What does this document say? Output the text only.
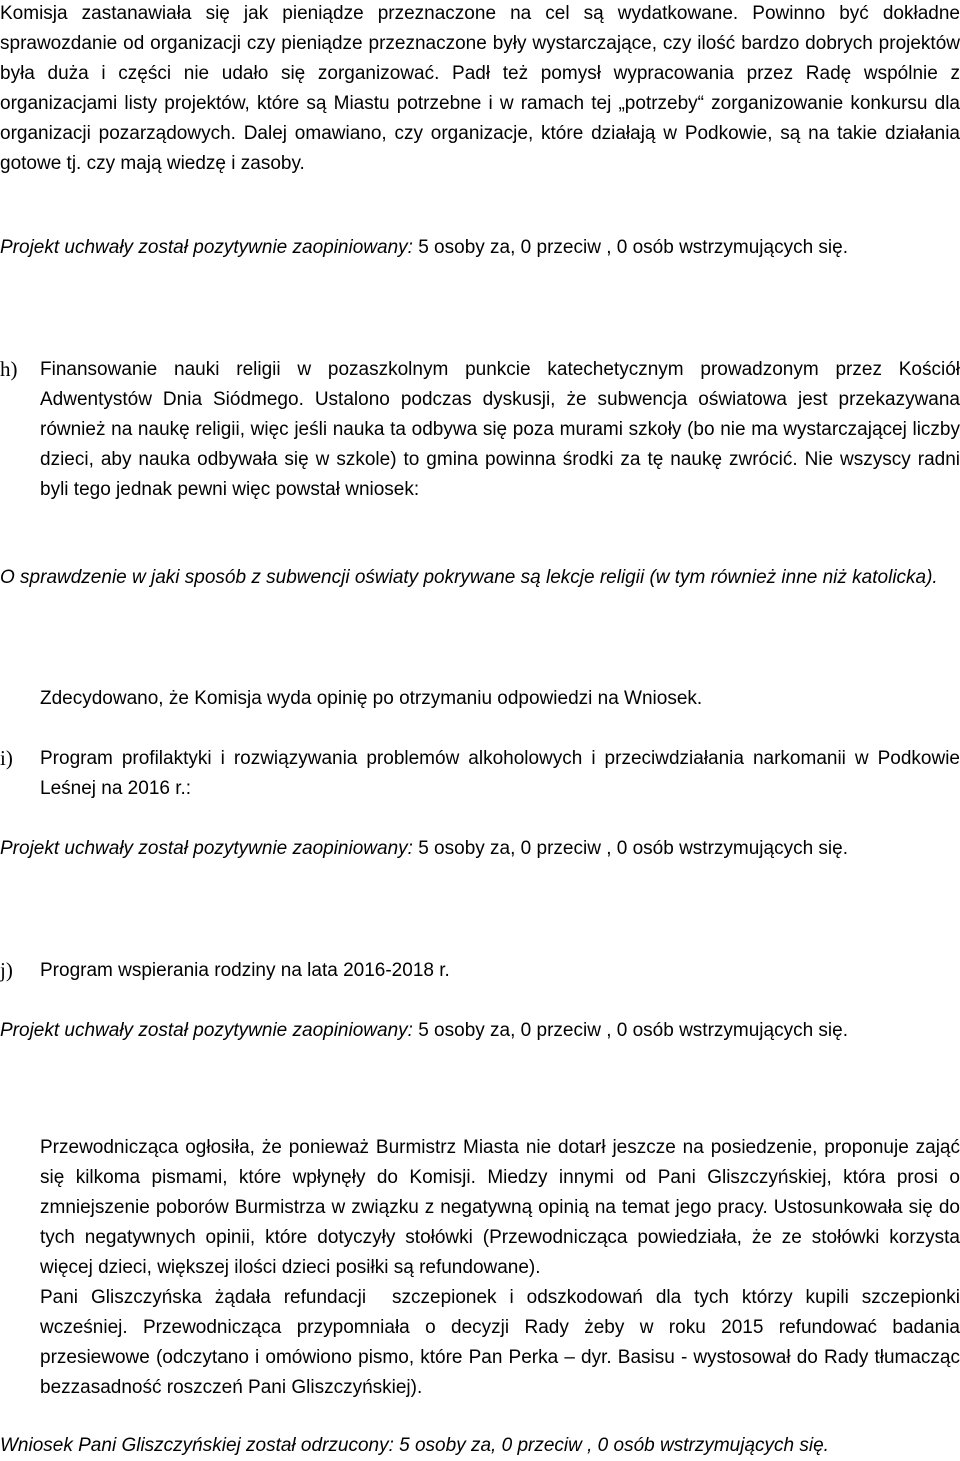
Komisja zastanawiała się jak pieniądze przeznaczone na cel są wydatkowane. Powinno być dokładne sprawozdanie od organizacji czy pieniądze przeznaczone były wystarczające, czy ilość bardzo dobrych projektów była duża i części nie udało się zorganizować. Padł też pomysł wypracowania przez Radę wspólnie z organizacjami listy projektów, które są Miastu potrzebne i w ramach tej „potrzeby“ zorganizowanie konkursu dla organizacji pozarządowych. Dalej omawiano, czy organizacje, które działają w Podkowie, są na takie działania gotowe tj. czy mają wiedzę i zasoby.

Projekt uchwały został pozytywnie zaopiniowany: 5 osoby za, 0 przeciw , 0 osób wstrzymujących się.

h)	Finansowanie nauki religii w pozaszkolnym punkcie katechetycznym prowadzonym przez Kościół Adwentystów Dnia Siódmego. Ustalono podczas dyskusji, że subwencja oświatowa jest przekazywana również na naukę religii, więc jeśli nauka ta odbywa się poza murami szkoły (bo nie ma wystarczającej liczby dzieci, aby nauka odbywała się w szkole) to gmina powinna środki za tę naukę zwrócić. Nie wszyscy radni byli tego jednak pewni więc powstał wniosek:

O sprawdzenie w jaki sposób z subwencji oświaty pokrywane są lekcje religii (w tym również inne niż katolicka).

Zdecydowano, że Komisja wyda opinię po otrzymaniu odpowiedzi na Wniosek.

i)	Program profilaktyki i rozwiązywania problemów alkoholowych i przeciwdziałania narkomanii w Podkowie Leśnej na 2016 r.:

Projekt uchwały został pozytywnie zaopiniowany: 5 osoby za, 0 przeciw , 0 osób wstrzymujących się.

j)	Program wspierania rodziny na lata 2016-2018 r.

Projekt uchwały został pozytywnie zaopiniowany: 5 osoby za, 0 przeciw , 0 osób wstrzymujących się.

Przewodnicząca ogłosiła, że ponieważ Burmistrz Miasta nie dotarł jeszcze na posiedzenie, proponuje zająć się kilkoma pismami, które wpłynęły do Komisji. Miedzy innymi od Pani Gliszczyńskiej, która prosi o zmniejszenie poborów Burmistrza w związku z negatywną opinią na temat jego pracy. Ustosunkowała się do tych negatywnych opinii, które dotyczyły stołówki (Przewodnicząca powiedziała, że ze stołówki korzysta więcej dzieci, większej ilości dzieci posiłki są refundowane).

Pani Gliszczyńska żądała refundacji  szczepionek i odszkodowań dla tych którzy kupili szczepionki wcześniej. Przewodnicząca przypomniała o decyzji Rady żeby w roku 2015 refundować badania przesiewowe (odczytano i omówiono pismo, które Pan Perka – dyr. Basisu - wystosował do Rady tłumacząc bezzasadność roszczeń Pani Gliszczyńskiej).

Wniosek Pani Gliszczyńskiej został odrzucony: 5 osoby za, 0 przeciw , 0 osób wstrzymujących się.
